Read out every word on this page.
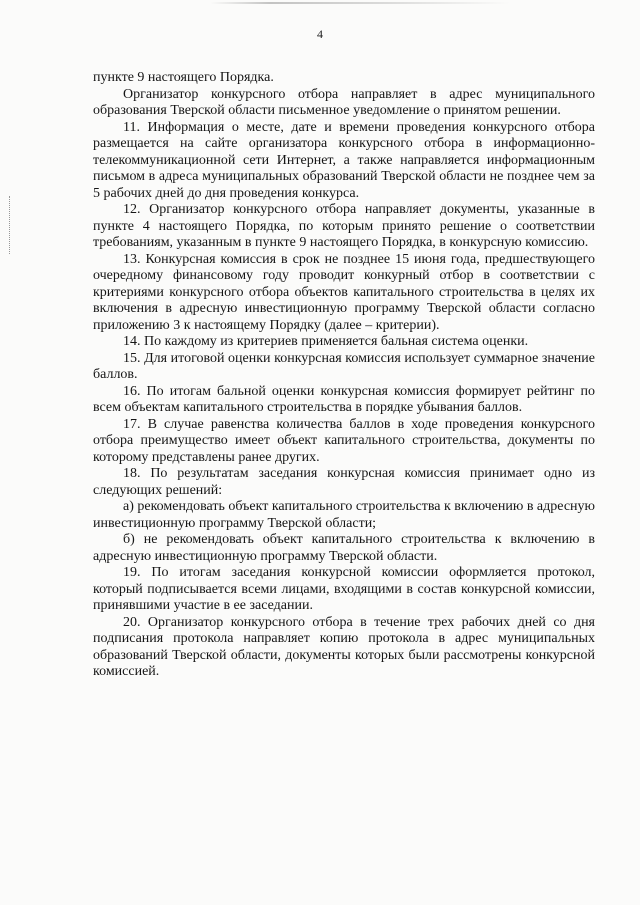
4

пункте 9 настоящего Порядка.

Организатор конкурсного отбора направляет в адрес муниципального образования Тверской области письменное уведомление о принятом решении.

11. Информация о месте, дате и времени проведения конкурсного отбора размещается на сайте организатора конкурсного отбора в информационно-телекоммуникационной сети Интернет, а также направляется информационным письмом в адреса муниципальных образований Тверской области не позднее чем за 5 рабочих дней до дня проведения конкурса.

12. Организатор конкурсного отбора направляет документы, указанные в пункте 4 настоящего Порядка, по которым принято решение о соответствии требованиям, указанным в пункте 9 настоящего Порядка, в конкурсную комиссию.

13. Конкурсная комиссия в срок не позднее 15 июня года, предшествующего очередному финансовому году проводит конкурный отбор в соответствии с критериями конкурсного отбора объектов капитального строительства в целях их включения в адресную инвестиционную программу Тверской области согласно приложению 3 к настоящему Порядку (далее – критерии).

14. По каждому из критериев применяется бальная система оценки.

15. Для итоговой оценки конкурсная комиссия использует суммарное значение баллов.

16. По итогам бальной оценки конкурсная комиссия формирует рейтинг по всем объектам капитального строительства в порядке убывания баллов.

17. В случае равенства количества баллов в ходе проведения конкурсного отбора преимущество имеет объект капитального строительства, документы по которому представлены ранее других.

18. По результатам заседания конкурсная комиссия принимает одно из следующих решений:

а) рекомендовать объект капитального строительства к включению в адресную инвестиционную программу Тверской области;

б) не рекомендовать объект капитального строительства к включению в адресную инвестиционную программу Тверской области.

19. По итогам заседания конкурсной комиссии оформляется протокол, который подписывается всеми лицами, входящими в состав конкурсной комиссии, принявшими участие в ее заседании.

20. Организатор конкурсного отбора в течение трех рабочих дней со дня подписания протокола направляет копию протокола в адрес муниципальных образований Тверской области, документы которых были рассмотрены конкурсной комиссией.
